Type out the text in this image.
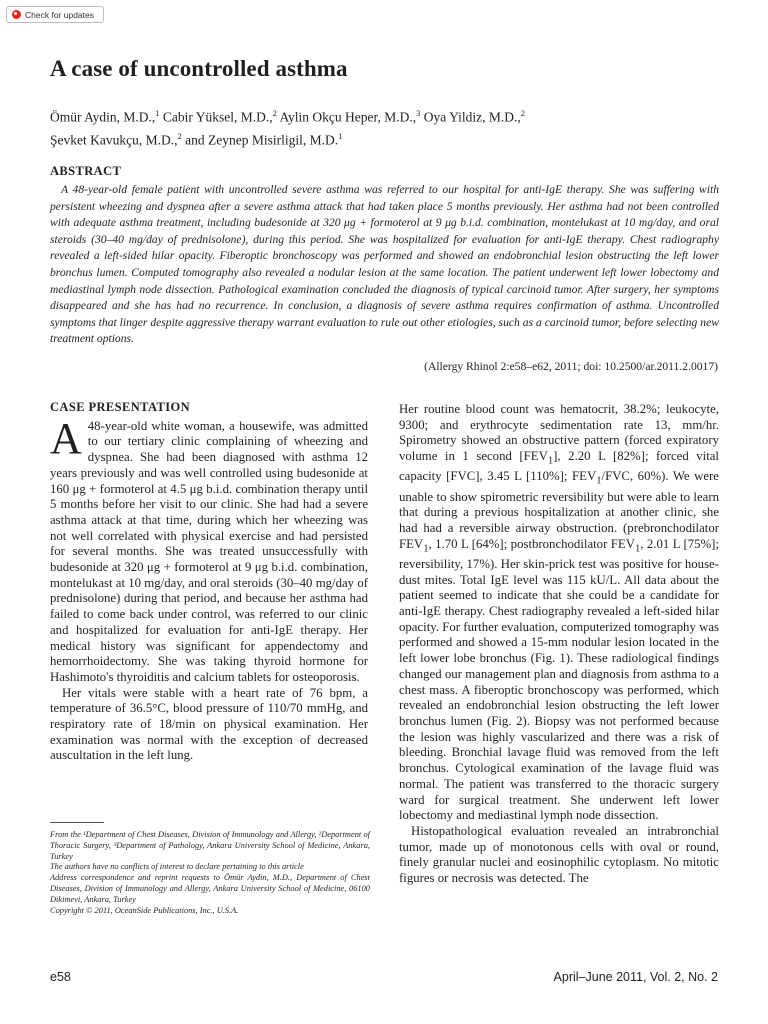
Check for updates
A case of uncontrolled asthma

Ömür Aydin, M.D.,$^1$ Cabir Yüksel, M.D.,$^2$ Aylin Okçu Heper, M.D.,$^3$ Oya Yildiz, M.D.,$^2$
Şevket Kavukçu, M.D.,$^2$ and Zeynep Misirligil, M.D.$^1$

ABSTRACT

A 48-year-old female patient with uncontrolled severe asthma was referred to our hospital for anti-IgE therapy. She was suffering with persistent wheezing and dyspnea after a severe asthma attack that had taken place 5 months previously. Her asthma had not been controlled with adequate asthma treatment, including budesonide at 320 μg + formoterol at 9 μg b.i.d. combination, montelukast at 10 mg/day, and oral steroids (30–40 mg/day of prednisolone), during this period. She was hospitalized for evaluation for anti-IgE therapy. Chest radiography revealed a left-sided hilar opacity. Fiberoptic bronchoscopy was performed and showed an endobronchial lesion obstructing the left lower bronchus lumen. Computed tomography also revealed a nodular lesion at the same location. The patient underwent left lower lobectomy and mediastinal lymph node dissection. Pathological examination concluded the diagnosis of typical carcinoid tumor. After surgery, her symptoms disappeared and she has had no recurrence. In conclusion, a diagnosis of severe asthma requires confirmation of asthma. Uncontrolled symptoms that linger despite aggressive therapy warrant evaluation to rule out other etiologies, such as a carcinoid tumor, before selecting new treatment options.

(Allergy Rhinol 2:e58–e62, 2011; doi: 10.2500/ar.2011.2.0017)

CASE PRESENTATION

A 48-year-old white woman, a housewife, was admitted to our tertiary clinic complaining of wheezing and dyspnea. She had been diagnosed with asthma 12 years previously and was well controlled using budesonide at 160 μg + formoterol at 4.5 μg b.i.d. combination therapy until 5 months before her visit to our clinic. She had had a severe asthma attack at that time, during which her wheezing was not well correlated with physical exercise and had persisted for several months. She was treated unsuccessfully with budesonide at 320 μg + formoterol at 9 μg b.i.d. combination, montelukast at 10 mg/day, and oral steroids (30–40 mg/day of prednisolone) during that period, and because her asthma had failed to come back under control, was referred to our clinic and hospitalized for evaluation for anti-IgE therapy. Her medical history was significant for appendectomy and hemorrhoidectomy. She was taking thyroid hormone for Hashimoto's thyroiditis and calcium tablets for osteoporosis.

Her vitals were stable with a heart rate of 76 bpm, a temperature of 36.5°C, blood pressure of 110/70 mmHg, and respiratory rate of 18/min on physical examination. Her examination was normal with the exception of decreased auscultation in the left lung.

From the ¹Department of Chest Diseases, Division of Immunology and Allergy, ²Department of Thoracic Surgery, ³Department of Pathology, Ankara University School of Medicine, Ankara, Turkey

The authors have no conflicts of interest to declare pertaining to this article

Address correspondence and reprint requests to Ömür Aydin, M.D., Department of Chest Diseases, Division of Immunology and Allergy, Ankara University School of Medicine, 06100 Dikimevi, Ankara, Turkey

Copyright © 2011, OceanSide Publications, Inc., U.S.A.

Her routine blood count was hematocrit, 38.2%; leukocyte, 9300; and erythrocyte sedimentation rate 13, mm/hr. Spirometry showed an obstructive pattern (forced expiratory volume in 1 second $[FEV_1]$, 2.20 L [82%]; forced vital capacity [FVC], 3.45 L [110%]; $FEV_1$/FVC, 60%). We were unable to show spirometric reversibility but were able to learn that during a previous hospitalization at another clinic, she had had a reversible airway obstruction. (prebronchodilator $FEV_1$, 1.70 L [64%]; postbronchodilator $FEV_1$, 2.01 L [75%]; reversibility, 17%). Her skin-prick test was positive for house-dust mites. Total IgE level was 115 kU/L. All data about the patient seemed to indicate that she could be a candidate for anti-IgE therapy. Chest radiography revealed a left-sided hilar opacity. For further evaluation, computerized tomography was performed and showed a 15-mm nodular lesion located in the left lower lobe bronchus (Fig. 1). These radiological findings changed our management plan and diagnosis from asthma to a chest mass. A fiberoptic bronchoscopy was performed, which revealed an endobronchial lesion obstructing the left lower bronchus lumen (Fig. 2). Biopsy was not performed because the lesion was highly vascularized and there was a risk of bleeding. Bronchial lavage fluid was removed from the left bronchus. Cytological examination of the lavage fluid was normal. The patient was transferred to the thoracic surgery ward for surgical treatment. She underwent left lower lobectomy and mediastinal lymph node dissection.

Histopathological evaluation revealed an intrabronchial tumor, made up of monotonous cells with oval or round, finely granular nuclei and eosinophilic cytoplasm. No mitotic figures or necrosis was detected. The

e58	April–June 2011, Vol. 2, No. 2
